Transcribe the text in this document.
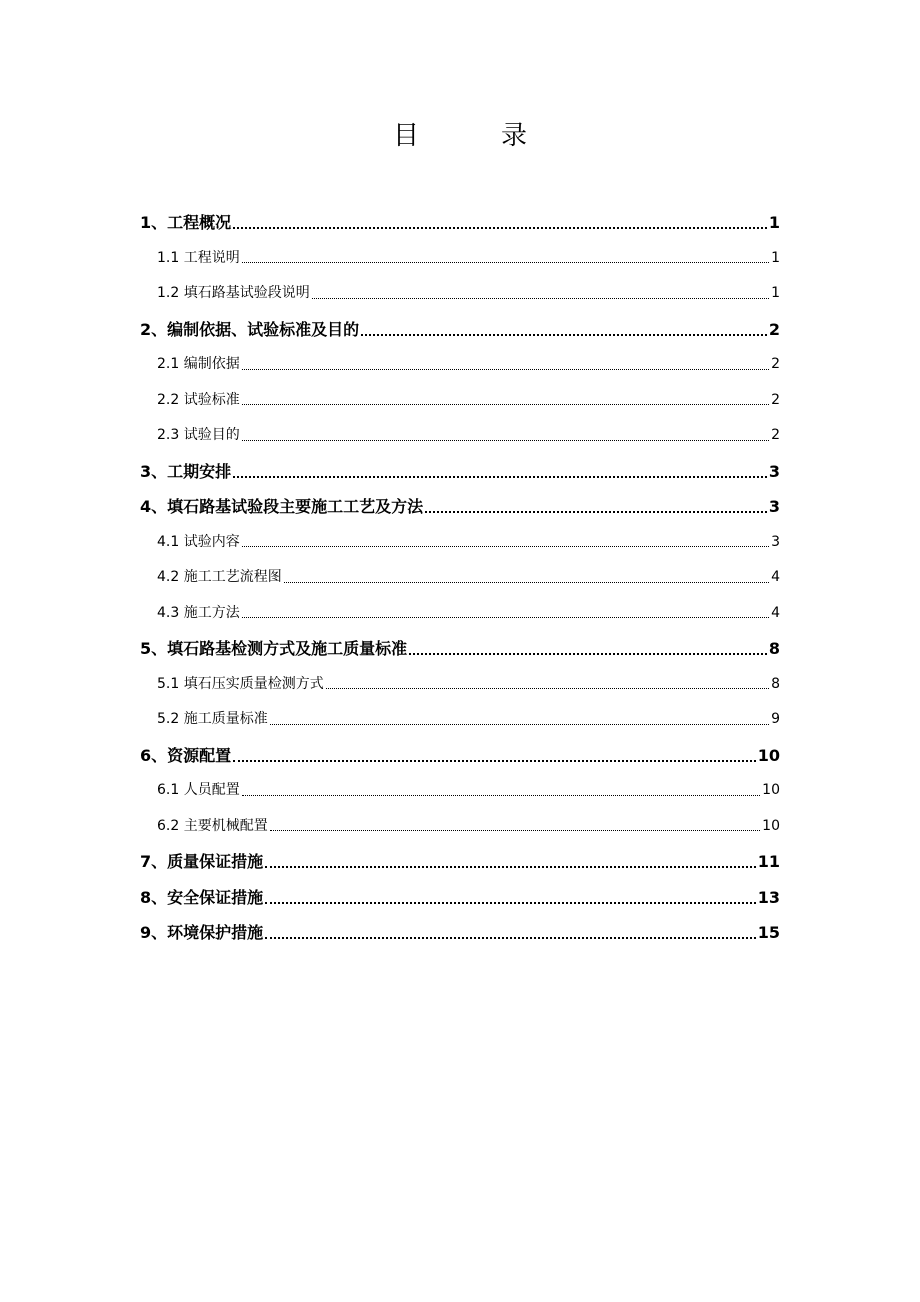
目　录
1、工程概况	1
1.1 工程说明	1
1.2 填石路基试验段说明	1
2、编制依据、试验标准及目的	2
2.1 编制依据	2
2.2 试验标准	2
2.3 试验目的	2
3、工期安排	3
4、填石路基试验段主要施工工艺及方法	3
4.1 试验内容	3
4.2 施工工艺流程图	4
4.3 施工方法	4
5、填石路基检测方式及施工质量标准	8
5.1 填石压实质量检测方式	8
5.2 施工质量标准	9
6、资源配置	10
6.1 人员配置	10
6.2 主要机械配置	10
7、质量保证措施	11
8、安全保证措施	13
9、环境保护措施	15
